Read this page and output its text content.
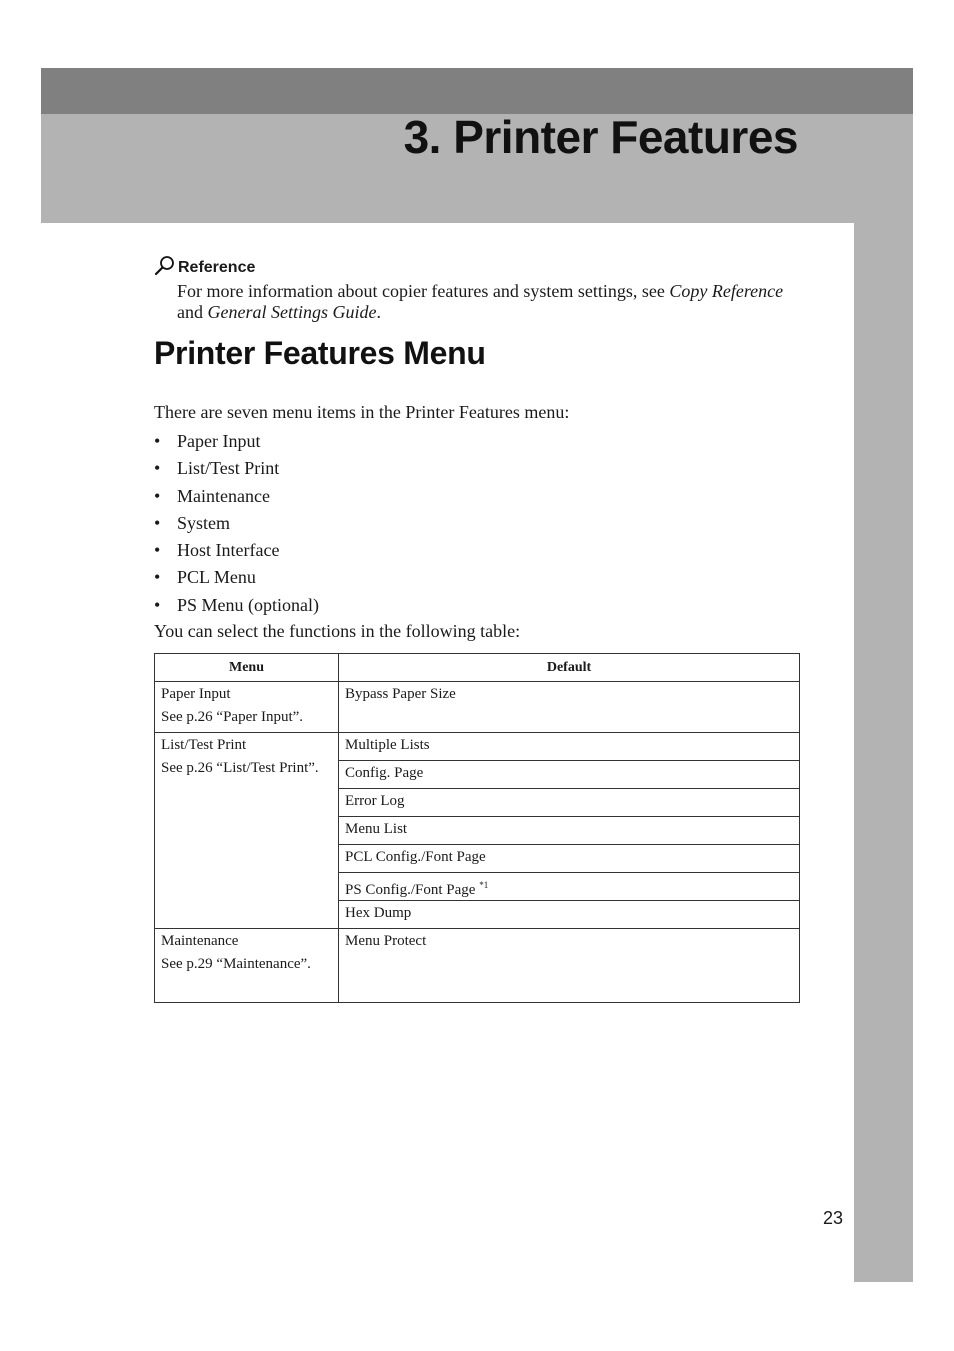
3. Printer Features
Reference

For more information about copier features and system settings, see Copy Reference and General Settings Guide.

Printer Features Menu

There are seven menu items in the Printer Features menu:

• Paper Input
• List/Test Print
• Maintenance
• System
• Host Interface
• PCL Menu
• PS Menu (optional)

You can select the functions in the following table:

Menu	Default

Paper Input
See p.26 “Paper Input”.	Bypass Paper Size

List/Test Print
See p.26 “List/Test Print”.	Multiple Lists

	Config. Page

	Error Log

	Menu List

	PCL Config./Font Page

	PS Config./Font Page $^{*1}$

	Hex Dump

Maintenance
See p.29 “Maintenance”.	Menu Protect

23
